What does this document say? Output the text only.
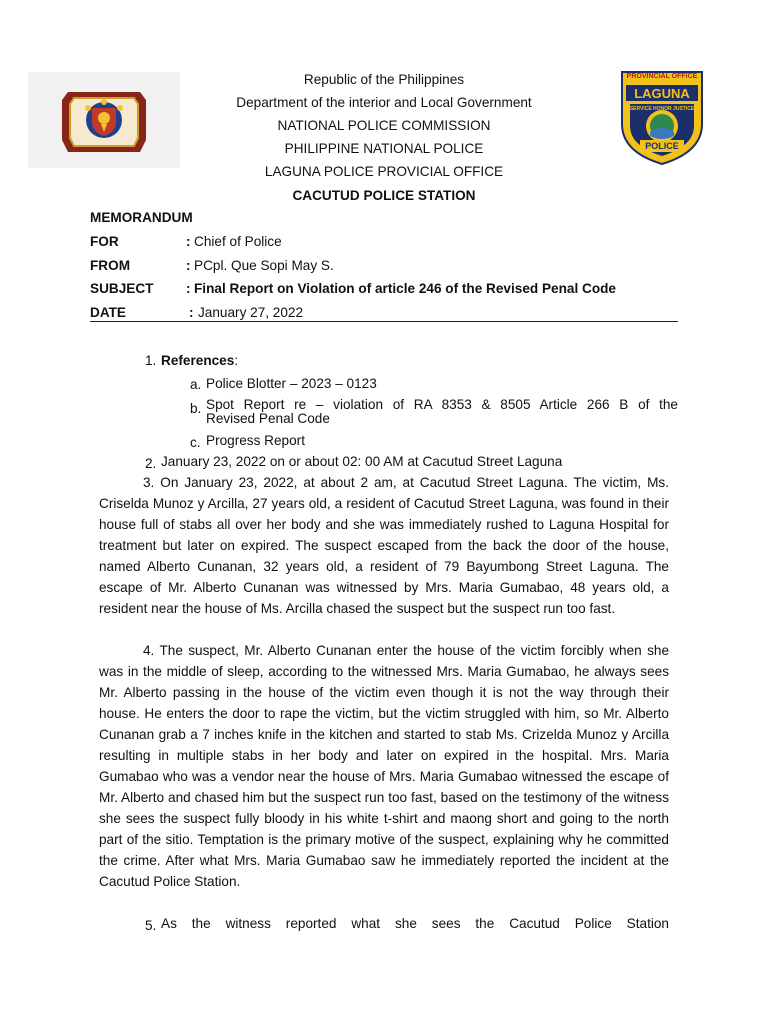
PROVINCIAL OFFICE
LAGUNA
SERVICE HONOR JUSTICE
POLICE
Republic of the Philippines
Department of the interior and Local Government
NATIONAL POLICE COMMISSION
PHILIPPINE NATIONAL POLICE
LAGUNA POLICE PROVICIAL OFFICE
CACUTUD POLICE STATION
MEMORANDUM
FOR	: Chief of Police
FROM	: PCpl. Que Sopi May S.
SUBJECT : Final Report on Violation of article 246 of the Revised Penal Code
DATE	: January 27, 2022
1. References:
a. Police Blotter – 2023 – 0123
b. Spot Report re – violation of RA 8353 & 8505 Article 266 B of the
Revised Penal Code
c. Progress Report
2. January 23, 2022 on or about 02: 00 AM at Cacutud Street Laguna
3. On January 23, 2022, at about 2 am, at Cacutud Street Laguna. The victim, Ms. Criselda Munoz y Arcilla, 27 years old, a resident of Cacutud Street Laguna, was found in their house full of stabs all over her body and she was immediately rushed to Laguna Hospital for treatment but later on expired. The suspect escaped from the back the door of the house, named Alberto Cunanan, 32 years old, a resident of 79 Bayumbong Street Laguna. The escape of Mr. Alberto Cunanan was witnessed by Mrs. Maria Gumabao, 48 years old, a resident near the house of Ms. Arcilla chased the suspect but the suspect run too fast.
4. The suspect, Mr. Alberto Cunanan enter the house of the victim forcibly when she was in the middle of sleep, according to the witnessed Mrs. Maria Gumabao, he always sees Mr. Alberto passing in the house of the victim even though it is not the way through their house. He enters the door to rape the victim, but the victim struggled with him, so Mr. Alberto Cunanan grab a 7 inches knife in the kitchen and started to stab Ms. Crizelda Munoz y Arcilla resulting in multiple stabs in her body and later on expired in the hospital. Mrs. Maria Gumabao who was a vendor near the house of Mrs. Maria Gumabao witnessed the escape of Mr. Alberto and chased him but the suspect run too fast, based on the testimony of the witness she sees the suspect fully bloody in his white t-shirt and maong short and going to the north part of the sitio. Temptation is the primary motive of the suspect, explaining why he committed the crime. After what Mrs. Maria Gumabao saw he immediately reported the incident at the Cacutud Police Station.
5. As the witness reported what she sees the Cacutud Police Station
